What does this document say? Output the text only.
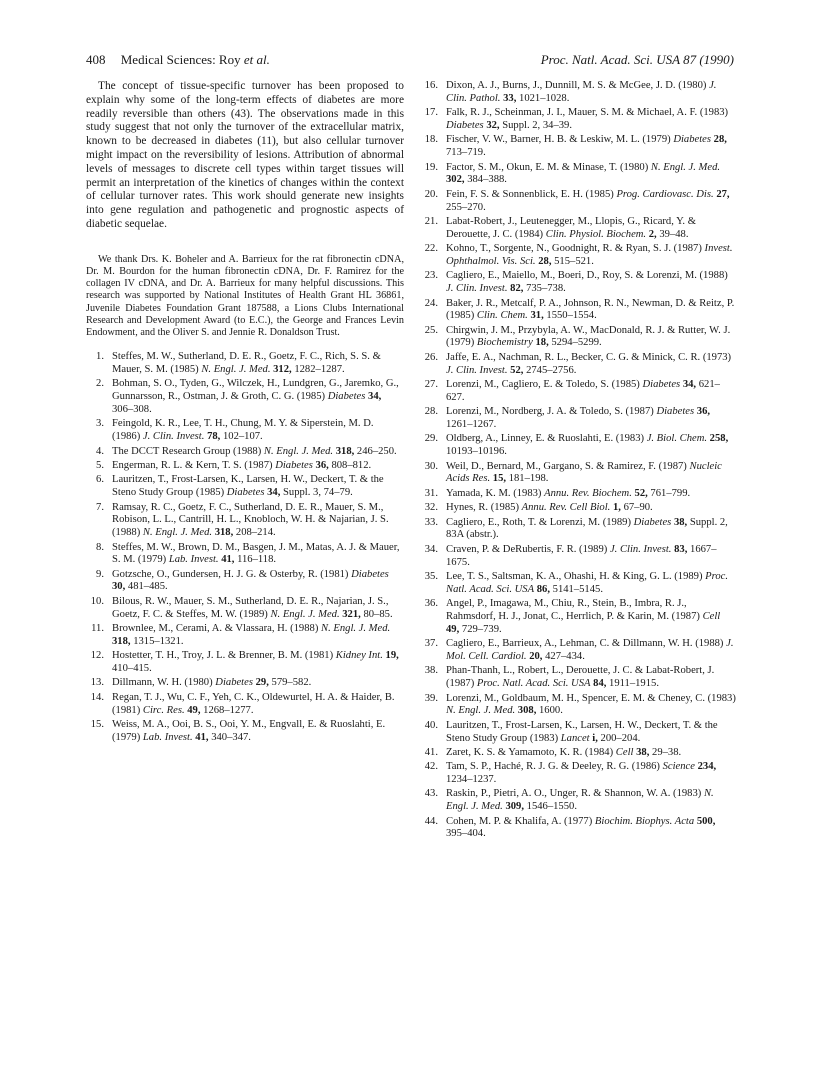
408 Medical Sciences: Roy et al.	Proc. Natl. Acad. Sci. USA 87 (1990)

The concept of tissue-specific turnover has been proposed to explain why some of the long-term effects of diabetes are more readily reversible than others (43). The observations made in this study suggest that not only the turnover of the extracellular matrix, known to be decreased in diabetes (11), but also cellular turnover might impact on the reversibility of lesions. Attribution of abnormal levels of messages to discrete cell types within target tissues will permit an interpretation of the kinetics of changes within the context of cellular turnover rates. This work should generate new insights into gene regulation and pathogenetic and prognostic aspects of diabetic sequelae.

We thank Drs. K. Boheler and A. Barrieux for the rat fibronectin cDNA, Dr. M. Bourdon for the human fibronectin cDNA, Dr. F. Ramirez for the collagen IV cDNA, and Dr. A. Barrieux for many helpful discussions. This research was supported by National Institutes of Health Grant HL 36861, Juvenile Diabetes Foundation Grant 187588, a Lions Clubs International Research and Development Award (to E.C.), the George and Frances Levin Endowment, and the Oliver S. and Jennie R. Donaldson Trust.

1. Steffes, M. W., Sutherland, D. E. R., Goetz, F. C., Rich, S. S. & Mauer, S. M. (1985) N. Engl. J. Med. 312, 1282–1287.
2. Bohman, S. O., Tyden, G., Wilczek, H., Lundgren, G., Jaremko, G., Gunnarsson, R., Ostman, J. & Groth, C. G. (1985) Diabetes 34, 306–308.
3. Feingold, K. R., Lee, T. H., Chung, M. Y. & Siperstein, M. D. (1986) J. Clin. Invest. 78, 102–107.
4. The DCCT Research Group (1988) N. Engl. J. Med. 318, 246–250.
5. Engerman, R. L. & Kern, T. S. (1987) Diabetes 36, 808–812.
6. Lauritzen, T., Frost-Larsen, K., Larsen, H. W., Deckert, T. & the Steno Study Group (1985) Diabetes 34, Suppl. 3, 74–79.
7. Ramsay, R. C., Goetz, F. C., Sutherland, D. E. R., Mauer, S. M., Robison, L. L., Cantrill, H. L., Knobloch, W. H. & Najarian, J. S. (1988) N. Engl. J. Med. 318, 208–214.
8. Steffes, M. W., Brown, D. M., Basgen, J. M., Matas, A. J. & Mauer, S. M. (1979) Lab. Invest. 41, 116–118.
9. Gotzsche, O., Gundersen, H. J. G. & Osterby, R. (1981) Diabetes 30, 481–485.
10. Bilous, R. W., Mauer, S. M., Sutherland, D. E. R., Najarian, J. S., Goetz, F. C. & Steffes, M. W. (1989) N. Engl. J. Med. 321, 80–85.
11. Brownlee, M., Cerami, A. & Vlassara, H. (1988) N. Engl. J. Med. 318, 1315–1321.
12. Hostetter, T. H., Troy, J. L. & Brenner, B. M. (1981) Kidney Int. 19, 410–415.
13. Dillmann, W. H. (1980) Diabetes 29, 579–582.
14. Regan, T. J., Wu, C. F., Yeh, C. K., Oldewurtel, H. A. & Haider, B. (1981) Circ. Res. 49, 1268–1277.
15. Weiss, M. A., Ooi, B. S., Ooi, Y. M., Engvall, E. & Ruoslahti, E. (1979) Lab. Invest. 41, 340–347.
16. Dixon, A. J., Burns, J., Dunnill, M. S. & McGee, J. D. (1980) J. Clin. Pathol. 33, 1021–1028.
17. Falk, R. J., Scheinman, J. I., Mauer, S. M. & Michael, A. F. (1983) Diabetes 32, Suppl. 2, 34–39.
18. Fischer, V. W., Barner, H. B. & Leskiw, M. L. (1979) Diabetes 28, 713–719.
19. Factor, S. M., Okun, E. M. & Minase, T. (1980) N. Engl. J. Med. 302, 384–388.
20. Fein, F. S. & Sonnenblick, E. H. (1985) Prog. Cardiovasc. Dis. 27, 255–270.
21. Labat-Robert, J., Leutenegger, M., Llopis, G., Ricard, Y. & Derouette, J. C. (1984) Clin. Physiol. Biochem. 2, 39–48.
22. Kohno, T., Sorgente, N., Goodnight, R. & Ryan, S. J. (1987) Invest. Ophthalmol. Vis. Sci. 28, 515–521.
23. Cagliero, E., Maiello, M., Boeri, D., Roy, S. & Lorenzi, M. (1988) J. Clin. Invest. 82, 735–738.
24. Baker, J. R., Metcalf, P. A., Johnson, R. N., Newman, D. & Reitz, P. (1985) Clin. Chem. 31, 1550–1554.
25. Chirgwin, J. M., Przybyla, A. W., MacDonald, R. J. & Rutter, W. J. (1979) Biochemistry 18, 5294–5299.
26. Jaffe, E. A., Nachman, R. L., Becker, C. G. & Minick, C. R. (1973) J. Clin. Invest. 52, 2745–2756.
27. Lorenzi, M., Cagliero, E. & Toledo, S. (1985) Diabetes 34, 621–627.
28. Lorenzi, M., Nordberg, J. A. & Toledo, S. (1987) Diabetes 36, 1261–1267.
29. Oldberg, A., Linney, E. & Ruoslahti, E. (1983) J. Biol. Chem. 258, 10193–10196.
30. Weil, D., Bernard, M., Gargano, S. & Ramirez, F. (1987) Nucleic Acids Res. 15, 181–198.
31. Yamada, K. M. (1983) Annu. Rev. Biochem. 52, 761–799.
32. Hynes, R. (1985) Annu. Rev. Cell Biol. 1, 67–90.
33. Cagliero, E., Roth, T. & Lorenzi, M. (1989) Diabetes 38, Suppl. 2, 83A (abstr.).
34. Craven, P. & DeRubertis, F. R. (1989) J. Clin. Invest. 83, 1667–1675.
35. Lee, T. S., Saltsman, K. A., Ohashi, H. & King, G. L. (1989) Proc. Natl. Acad. Sci. USA 86, 5141–5145.
36. Angel, P., Imagawa, M., Chiu, R., Stein, B., Imbra, R. J., Rahmsdorf, H. J., Jonat, C., Herrlich, P. & Karin, M. (1987) Cell 49, 729–739.
37. Cagliero, E., Barrieux, A., Lehman, C. & Dillmann, W. H. (1988) J. Mol. Cell. Cardiol. 20, 427–434.
38. Phan-Thanh, L., Robert, L., Derouette, J. C. & Labat-Robert, J. (1987) Proc. Natl. Acad. Sci. USA 84, 1911–1915.
39. Lorenzi, M., Goldbaum, M. H., Spencer, E. M. & Cheney, C. (1983) N. Engl. J. Med. 308, 1600.
40. Lauritzen, T., Frost-Larsen, K., Larsen, H. W., Deckert, T. & the Steno Study Group (1983) Lancet i, 200–204.
41. Zaret, K. S. & Yamamoto, K. R. (1984) Cell 38, 29–38.
42. Tam, S. P., Haché, R. J. G. & Deeley, R. G. (1986) Science 234, 1234–1237.
43. Raskin, P., Pietri, A. O., Unger, R. & Shannon, W. A. (1983) N. Engl. J. Med. 309, 1546–1550.
44. Cohen, M. P. & Khalifa, A. (1977) Biochim. Biophys. Acta 500, 395–404.
